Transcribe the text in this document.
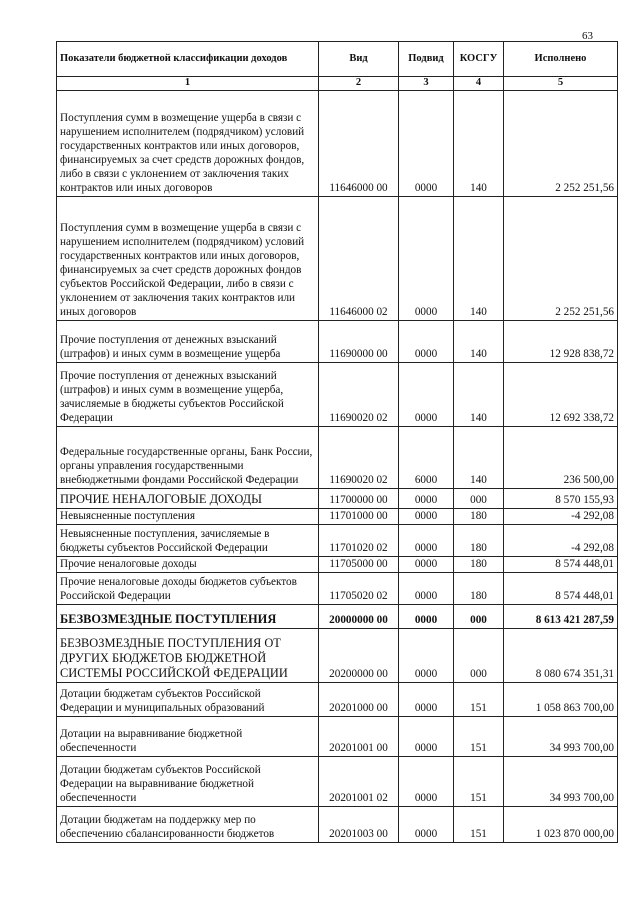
63
Показатели бюджетной классификации доходов	Вид	Подвид	КОСГУ	Исполнено
1	2	3	4	5
Поступления сумм в возмещение ущерба в связи с нарушением исполнителем (подрядчиком) условий государственных контрактов или иных договоров, финансируемых за счет средств дорожных фондов, либо в связи с уклонением от заключения таких контрактов или иных договоров	11646000 00	0000	140	2 252 251,56
Поступления сумм в возмещение ущерба в связи с нарушением исполнителем (подрядчиком) условий государственных контрактов или иных договоров, финансируемых за счет средств дорожных фондов субъектов Российской Федерации, либо в связи с уклонением от заключения таких контрактов или иных договоров	11646000 02	0000	140	2 252 251,56
Прочие поступления от денежных взысканий (штрафов) и иных сумм в возмещение ущерба	11690000 00	0000	140	12 928 838,72
Прочие поступления от денежных взысканий (штрафов) и иных сумм в возмещение ущерба, зачисляемые в бюджеты субъектов Российской Федерации	11690020 02	0000	140	12 692 338,72
Федеральные государственные органы, Банк России, органы управления государственными внебюджетными фондами Российской Федерации	11690020 02	6000	140	236 500,00
ПРОЧИЕ НЕНАЛОГОВЫЕ ДОХОДЫ	11700000 00	0000	000	8 570 155,93
Невыясненные поступления	11701000 00	0000	180	-4 292,08
Невыясненные поступления, зачисляемые в бюджеты субъектов Российской Федерации	11701020 02	0000	180	-4 292,08
Прочие неналоговые доходы	11705000 00	0000	180	8 574 448,01
Прочие неналоговые доходы бюджетов субъектов Российской Федерации	11705020 02	0000	180	8 574 448,01
БЕЗВОЗМЕЗДНЫЕ ПОСТУПЛЕНИЯ	20000000 00	0000	000	8 613 421 287,59
БЕЗВОЗМЕЗДНЫЕ ПОСТУПЛЕНИЯ ОТ ДРУГИХ БЮДЖЕТОВ БЮДЖЕТНОЙ СИСТЕМЫ РОССИЙСКОЙ ФЕДЕРАЦИИ	20200000 00	0000	000	8 080 674 351,31
Дотации бюджетам субъектов Российской Федерации и муниципальных образований	20201000 00	0000	151	1 058 863 700,00
Дотации на выравнивание бюджетной обеспеченности	20201001 00	0000	151	34 993 700,00
Дотации бюджетам субъектов Российской Федерации на выравнивание бюджетной обеспеченности	20201001 02	0000	151	34 993 700,00
Дотации бюджетам на поддержку мер по обеспечению сбалансированности бюджетов	20201003 00	0000	151	1 023 870 000,00
